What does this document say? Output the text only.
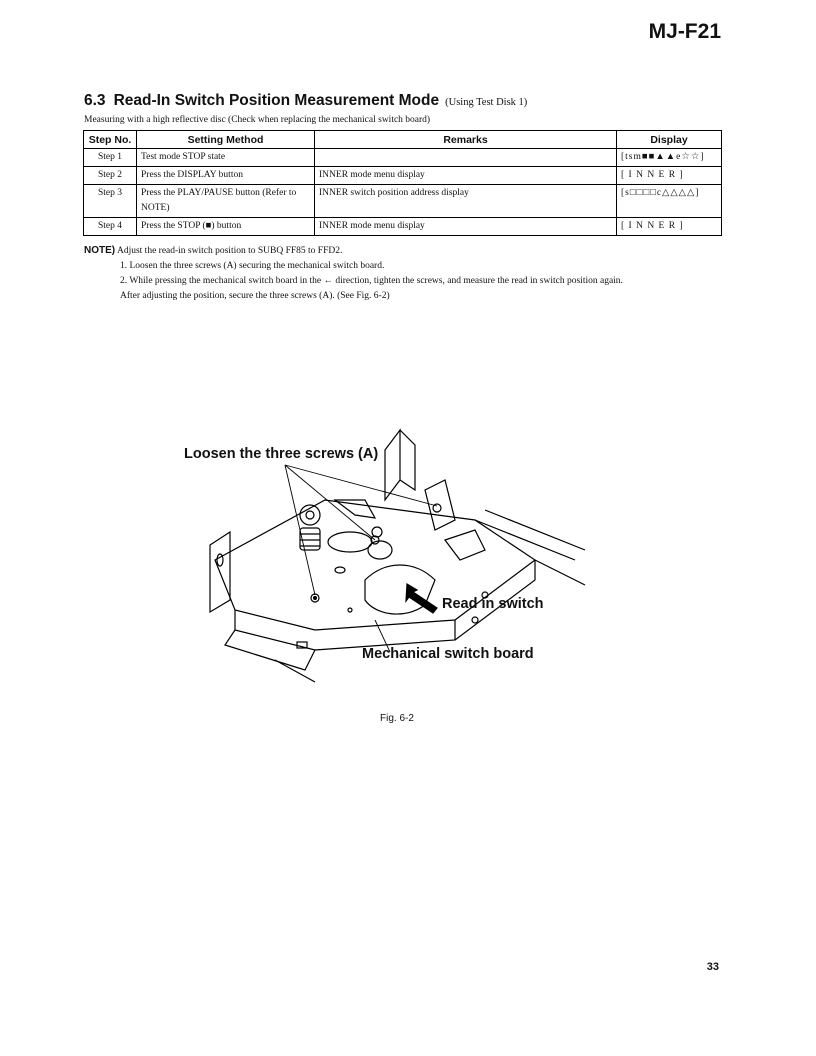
MJ-F21
6.3 Read-In Switch Position Measurement Mode (Using Test Disk 1)
Measuring with a high reflective disc (Check when replacing the mechanical switch board)
Step No.	Setting Method	Remarks	Display
Step 1	Test mode STOP state		[tsm■■▲▲e☆☆]
Step 2	Press the DISPLAY button	INNER mode menu display	[ I N N E R ]
Step 3	Press the PLAY/PAUSE button (Refer to NOTE)	INNER switch position address display	[s□□□□c△△△△]
Step 4	Press the STOP (■) button	INNER mode menu display	[ I N N E R ]
NOTE) Adjust the read-in switch position to SUBQ FF85 to FFD2.
1. Loosen the three screws (A) securing the mechanical switch board.
2. While pressing the mechanical switch board in the ← direction, tighten the screws, and measure the read in switch position again.
After adjusting the position, secure the three screws (A). (See Fig. 6-2)
Loosen the three screws (A)
Read in switch
Mechanical switch board
Fig. 6-2
33
